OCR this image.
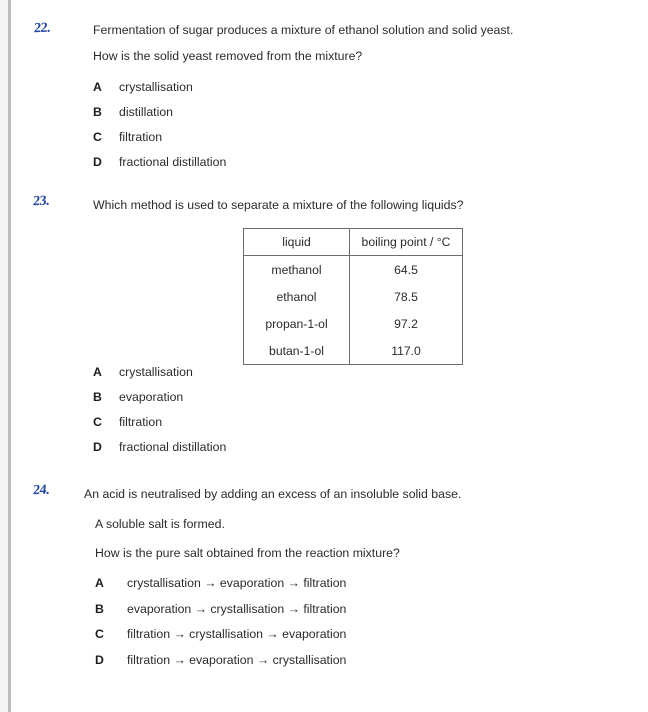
22.	Fermentation of sugar produces a mixture of ethanol solution and solid yeast.
How is the solid yeast removed from the mixture?
A crystallisation
B distillation
C filtration
D fractional distillation
23.	Which method is used to separate a mixture of the following liquids?
liquid	boiling point / °C
methanol	64.5
ethanol	78.5
propan-1-ol	97.2
butan-1-ol	117.0
A crystallisation
B evaporation
C filtration
D fractional distillation
24.	An acid is neutralised by adding an excess of an insoluble solid base.
A soluble salt is formed.
How is the pure salt obtained from the reaction mixture?
A crystallisation → evaporation → filtration
B evaporation → crystallisation → filtration
C filtration → crystallisation → evaporation
D filtration → evaporation → crystallisation
